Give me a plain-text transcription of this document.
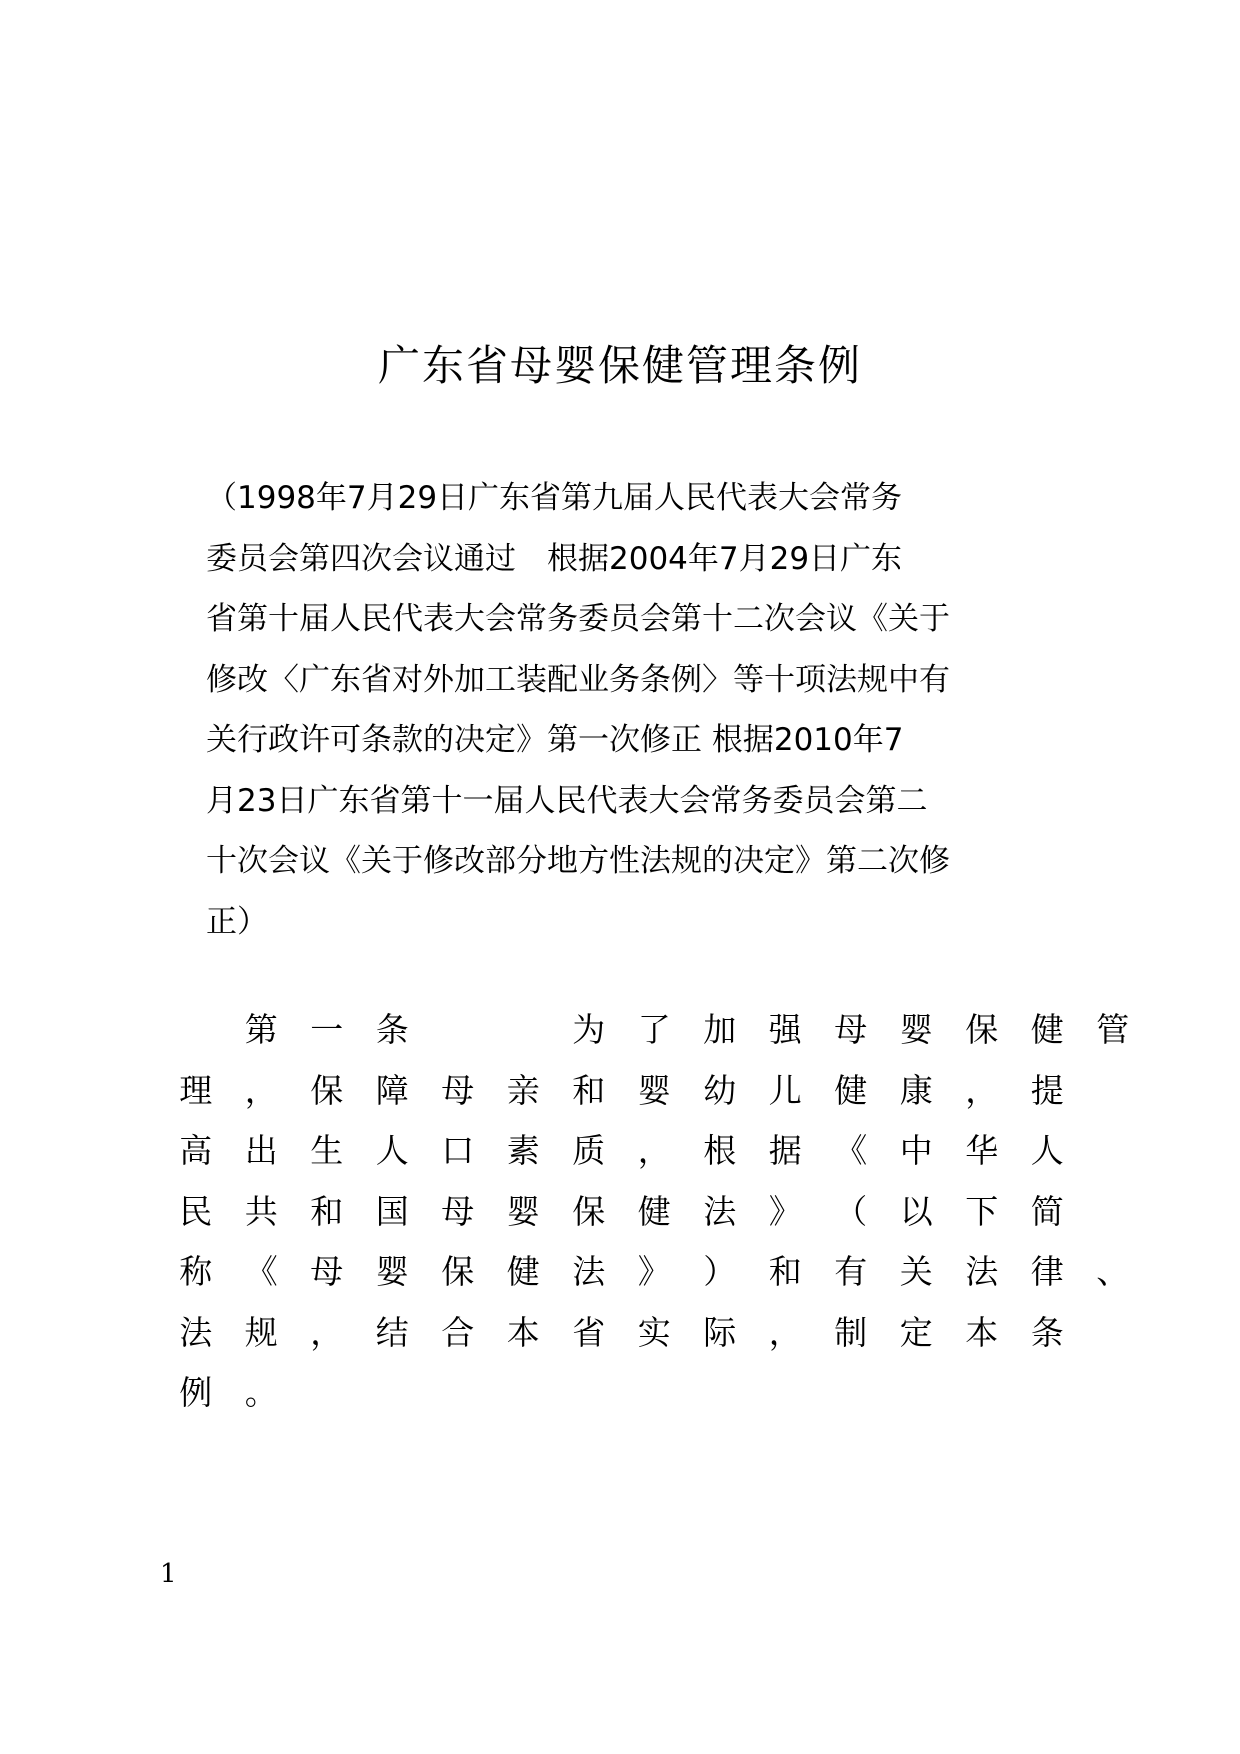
广东省母婴保健管理条例
（1998年7月29日广东省第九届人民代表大会常务
委员会第四次会议通过　根据2004年7月29日广东
省第十届人民代表大会常务委员会第十二次会议《关于
修改〈广东省对外加工装配业务条例〉等十项法规中有
关行政许可条款的决定》第一次修正 根据2010年7
月23日广东省第十一届人民代表大会常务委员会第二
十次会议《关于修改部分地方性法规的决定》第二次修
正）
　第 一 条　　	为 了 加 强 母 婴 保 健 管
理 ， 保 障 母 亲 和 婴 幼 儿 健 康 ， 提
高 出 生 人 口 素 质 ， 根 据 《 中 华 人
民 共 和 国 母 婴 保 健 法 》 （ 以 下 简
称 《 母 婴 保 健 法 》 ） 和 有 关 法 律 、
法 规 ， 结 合 本 省 实 际 ， 制 定 本 条
例 。
1
